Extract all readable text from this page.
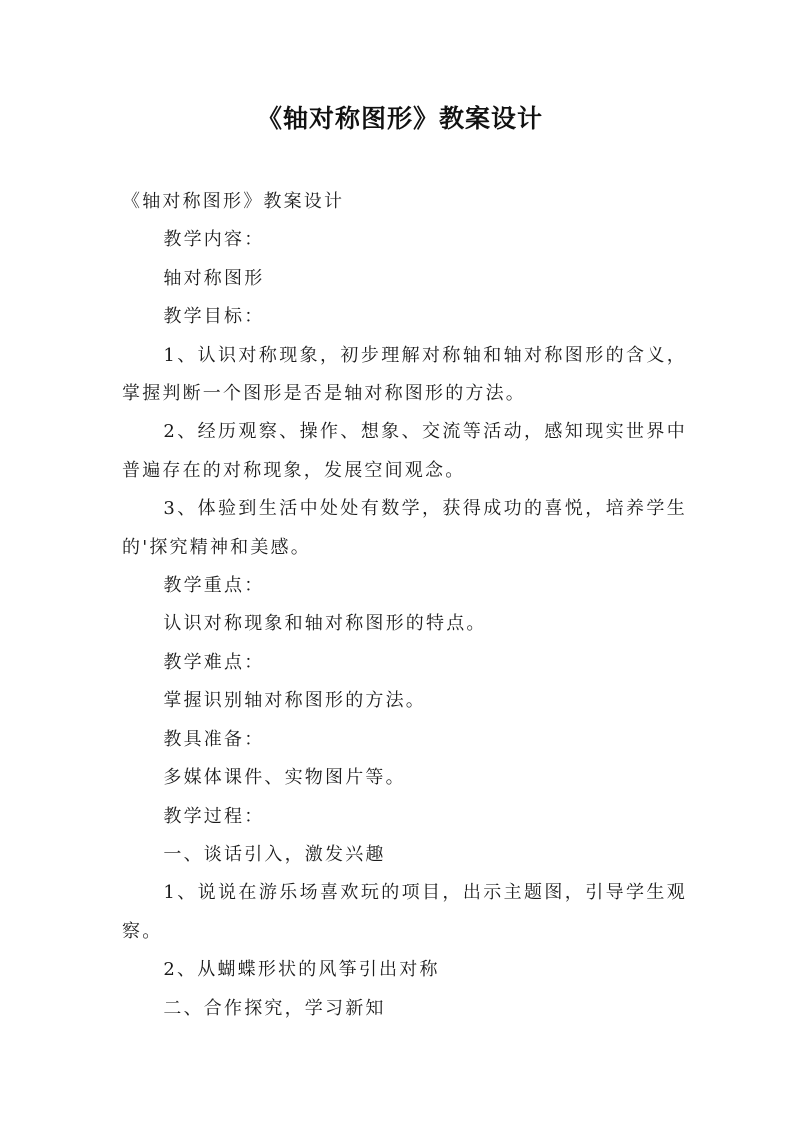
《轴对称图形》教案设计

《轴对称图形》教案设计

教学内容：

轴对称图形

教学目标：

1、认识对称现象，初步理解对称轴和轴对称图形的含义，掌握判断一个图形是否是轴对称图形的方法。

2、经历观察、操作、想象、交流等活动，感知现实世界中普遍存在的对称现象，发展空间观念。

3、体验到生活中处处有数学，获得成功的喜悦，培养学生的'探究精神和美感。

教学重点：

认识对称现象和轴对称图形的特点。

教学难点：

掌握识别轴对称图形的方法。

教具准备：

多媒体课件、实物图片等。

教学过程：

一、谈话引入，激发兴趣

1、说说在游乐场喜欢玩的项目，出示主题图，引导学生观察。

2、从蝴蝶形状的风筝引出对称

二、合作探究，学习新知
